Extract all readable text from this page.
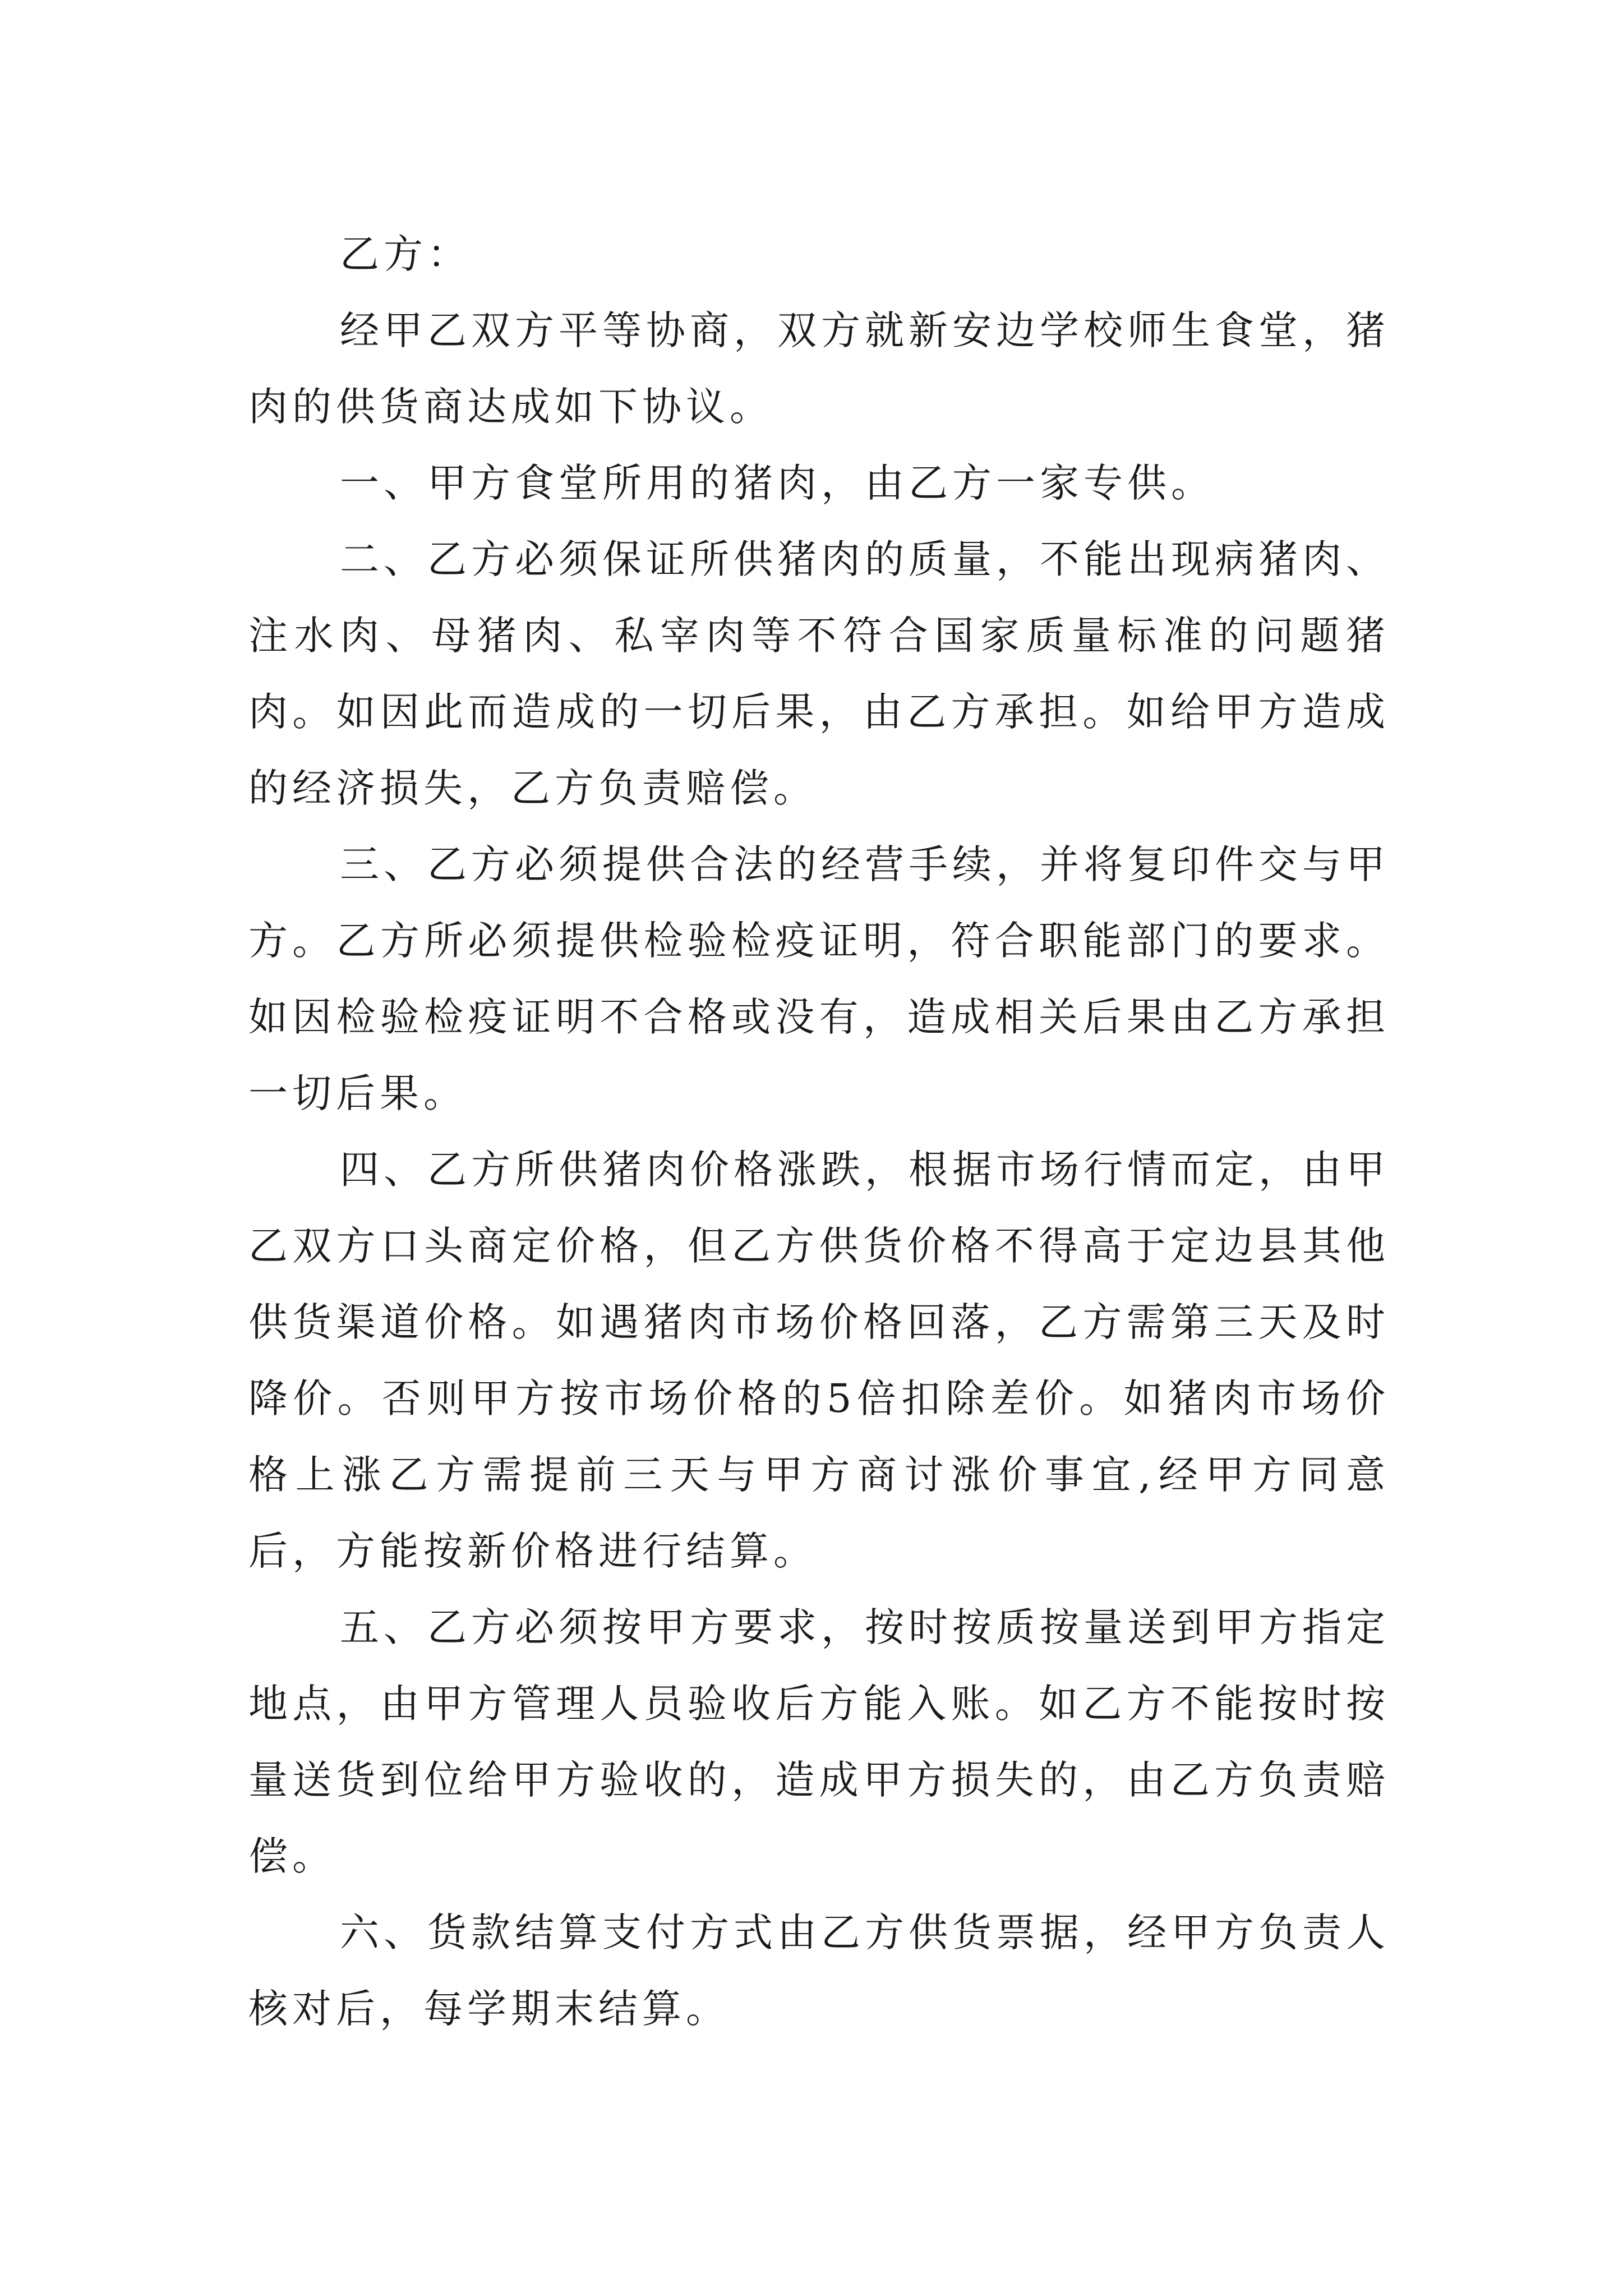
乙方：

经甲乙双方平等协商，双方就新安边学校师生食堂，猪肉的供货商达成如下协议。

一、甲方食堂所用的猪肉，由乙方一家专供。

二、乙方必须保证所供猪肉的质量，不能出现病猪肉、注水肉、母猪肉、私宰肉等不符合国家质量标准的问题猪肉。如因此而造成的一切后果，由乙方承担。如给甲方造成的经济损失，乙方负责赔偿。

三、乙方必须提供合法的经营手续，并将复印件交与甲方。乙方所必须提供检验检疫证明，符合职能部门的要求。如因检验检疫证明不合格或没有，造成相关后果由乙方承担一切后果。

四、乙方所供猪肉价格涨跌，根据市场行情而定，由甲乙双方口头商定价格，但乙方供货价格不得高于定边县其他供货渠道价格。如遇猪肉市场价格回落，乙方需第三天及时降价。否则甲方按市场价格的5倍扣除差价。如猪肉市场价格上涨乙方需提前三天与甲方商讨涨价事宜,经甲方同意后，方能按新价格进行结算。

五、乙方必须按甲方要求，按时按质按量送到甲方指定地点，由甲方管理人员验收后方能入账。如乙方不能按时按量送货到位给甲方验收的，造成甲方损失的，由乙方负责赔偿。

六、货款结算支付方式由乙方供货票据，经甲方负责人核对后，每学期末结算。
